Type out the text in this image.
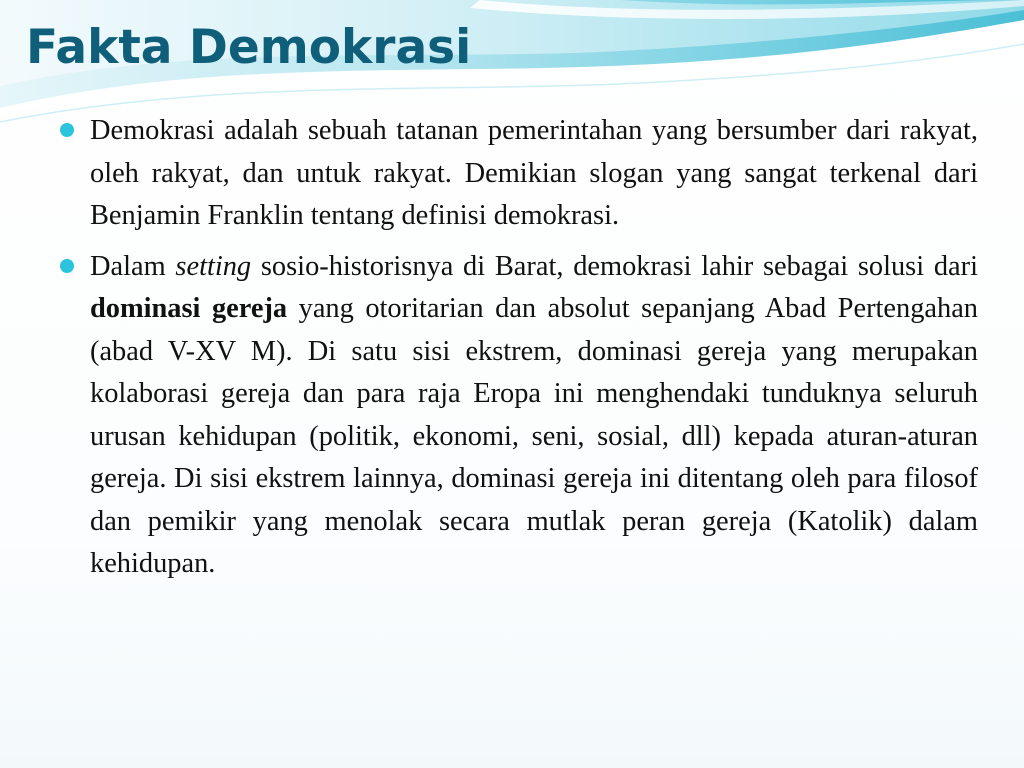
Fakta Demokrasi
Demokrasi adalah sebuah tatanan pemerintahan yang bersumber dari rakyat, oleh rakyat, dan untuk rakyat. Demikian slogan yang sangat terkenal dari Benjamin Franklin tentang definisi demokrasi.
Dalam setting sosio-historisnya di Barat, demokrasi lahir sebagai solusi dari dominasi gereja yang otoritarian dan absolut sepanjang Abad Pertengahan (abad V-XV M). Di satu sisi ekstrem, dominasi gereja yang merupakan kolaborasi gereja dan para raja Eropa ini menghendaki tunduknya seluruh urusan kehidupan (politik, ekonomi, seni, sosial, dll) kepada aturan-aturan gereja. Di sisi ekstrem lainnya, dominasi gereja ini ditentang oleh para filosof dan pemikir yang menolak secara mutlak peran gereja (Katolik) dalam kehidupan.
